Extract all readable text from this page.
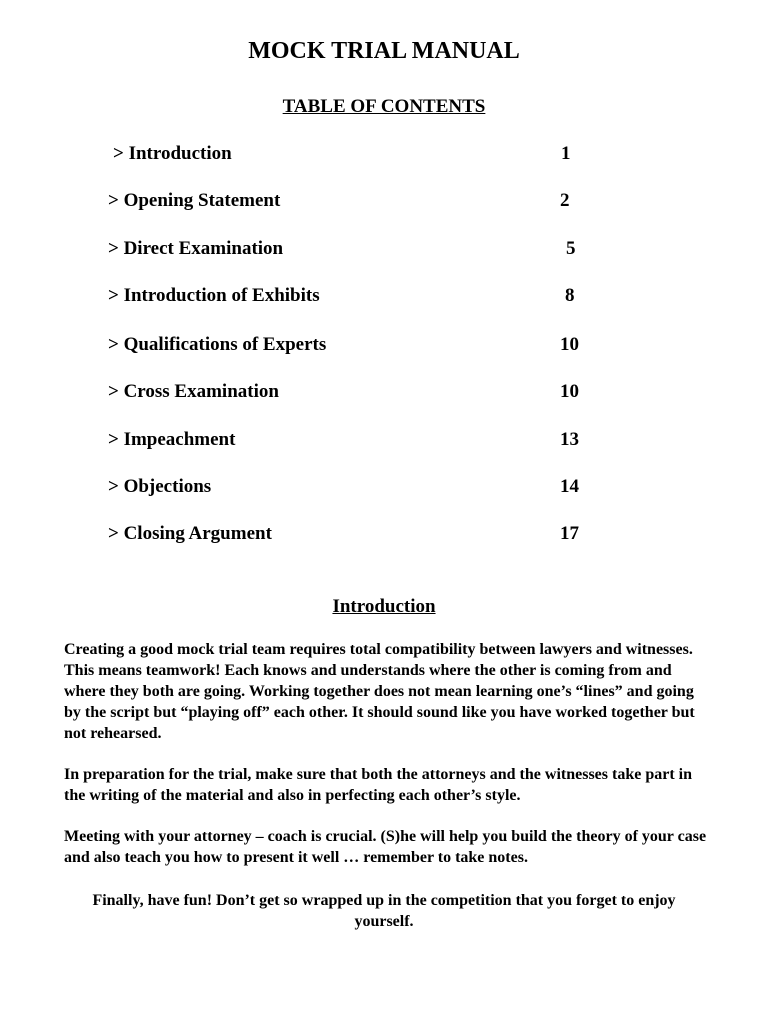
MOCK TRIAL MANUAL
TABLE OF CONTENTS
> Introduction	1
> Opening Statement	2
> Direct Examination	5
> Introduction of Exhibits	8
> Qualifications of Experts	10
> Cross Examination	10
> Impeachment	13
> Objections	14
> Closing Argument	17
Introduction

Creating a good mock trial team requires total compatibility between lawyers and witnesses. This means teamwork! Each knows and understands where the other is coming from and where they both are going. Working together does not mean learning one’s “lines” and going by the script but “playing off” each other. It should sound like you have worked together but not rehearsed.

In preparation for the trial, make sure that both the attorneys and the witnesses take part in the writing of the material and also in perfecting each other’s style.

Meeting with your attorney – coach is crucial. (S)he will help you build the theory of your case and also teach you how to present it well … remember to take notes.

Finally, have fun! Don’t get so wrapped up in the competition that you forget to enjoy yourself.
